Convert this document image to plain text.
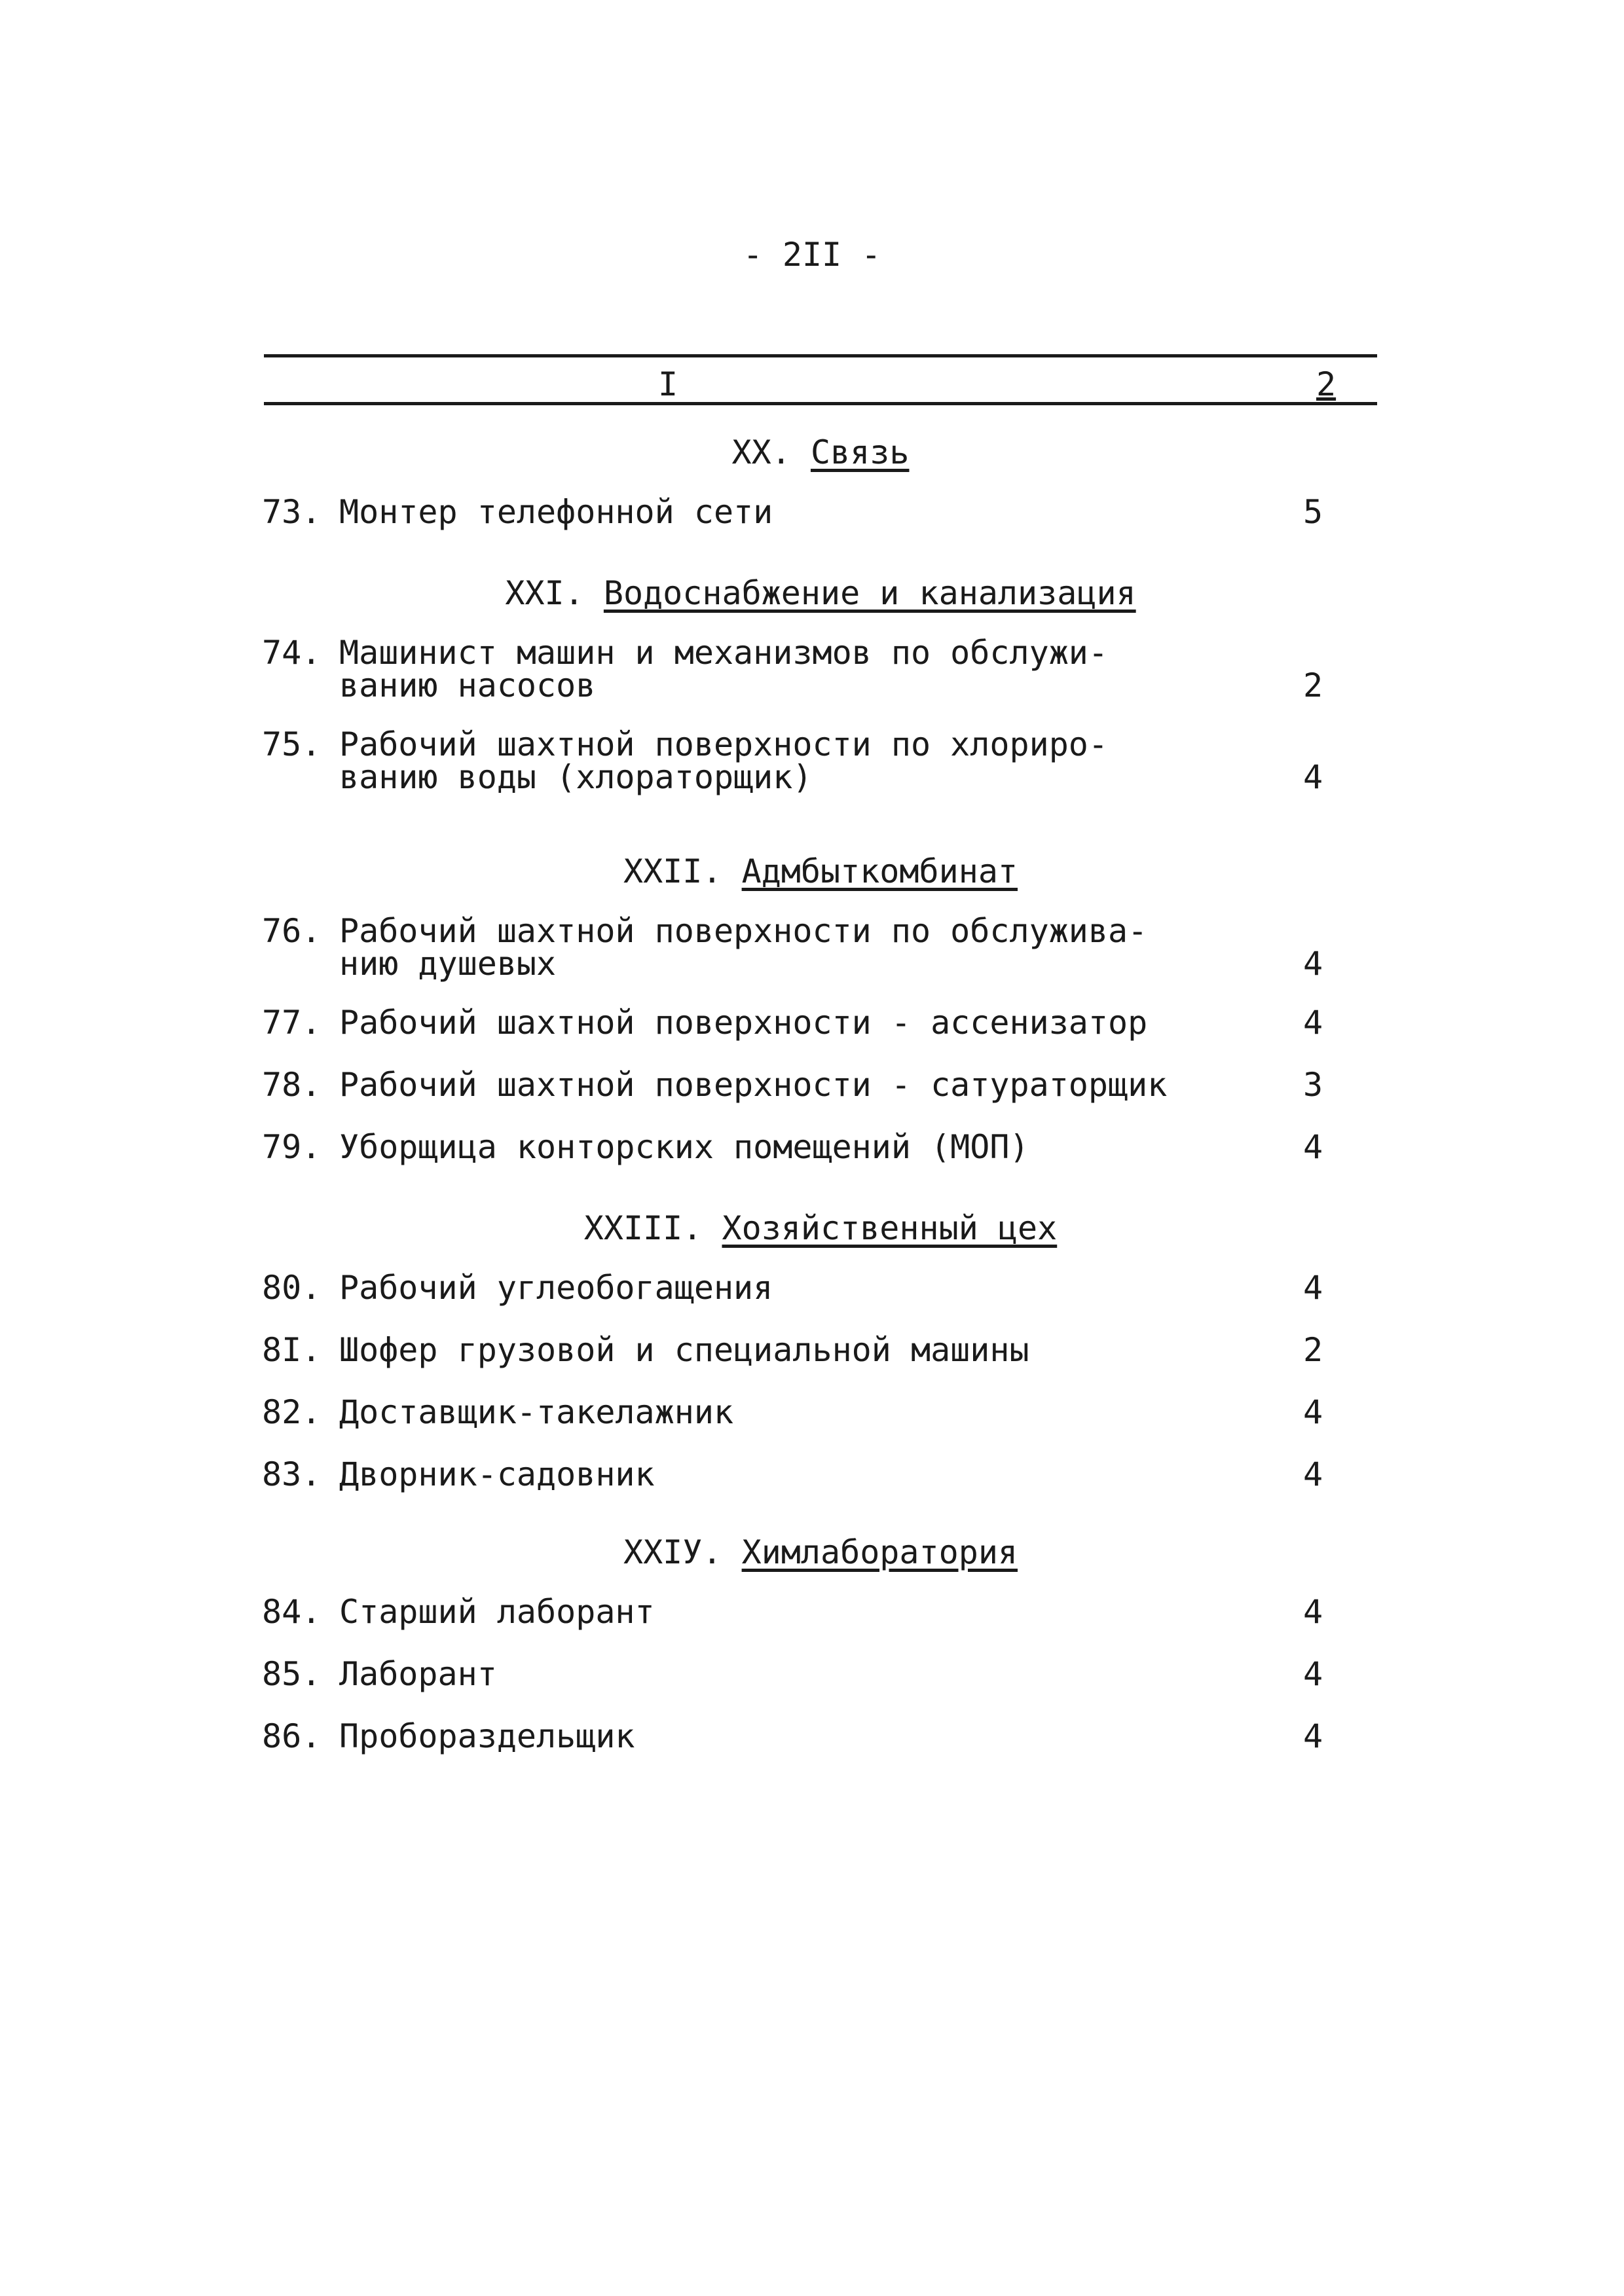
- 2II -
I	2
XX. Связь
73. Монтер телефонной сети	5
XXI. Водоснабжение и канализация
74. Машинист машин и механизмов по обслужи-
ванию насосов	2
75. Рабочий шахтной поверхности по хлориро-
ванию воды (хлораторщик)	4
XXII. Адмбыткомбинат
76. Рабочий шахтной поверхности по обслужива-
нию душевых	4
77. Рабочий шахтной поверхности - ассенизатор	4
78. Рабочий шахтной поверхности - сатураторщик	3
79. Уборщица конторских помещений (МОП)	4
XXIII. Хозяйственный цех
80. Рабочий углеобогащения	4
8I. Шофер грузовой и специальной машины	2
82. Доставщик-такелажник	4
83. Дворник-садовник	4
XXIУ. Химлаборатория
84. Старший лаборант	4
85. Лаборант	4
86. Пробораздельщик	4
